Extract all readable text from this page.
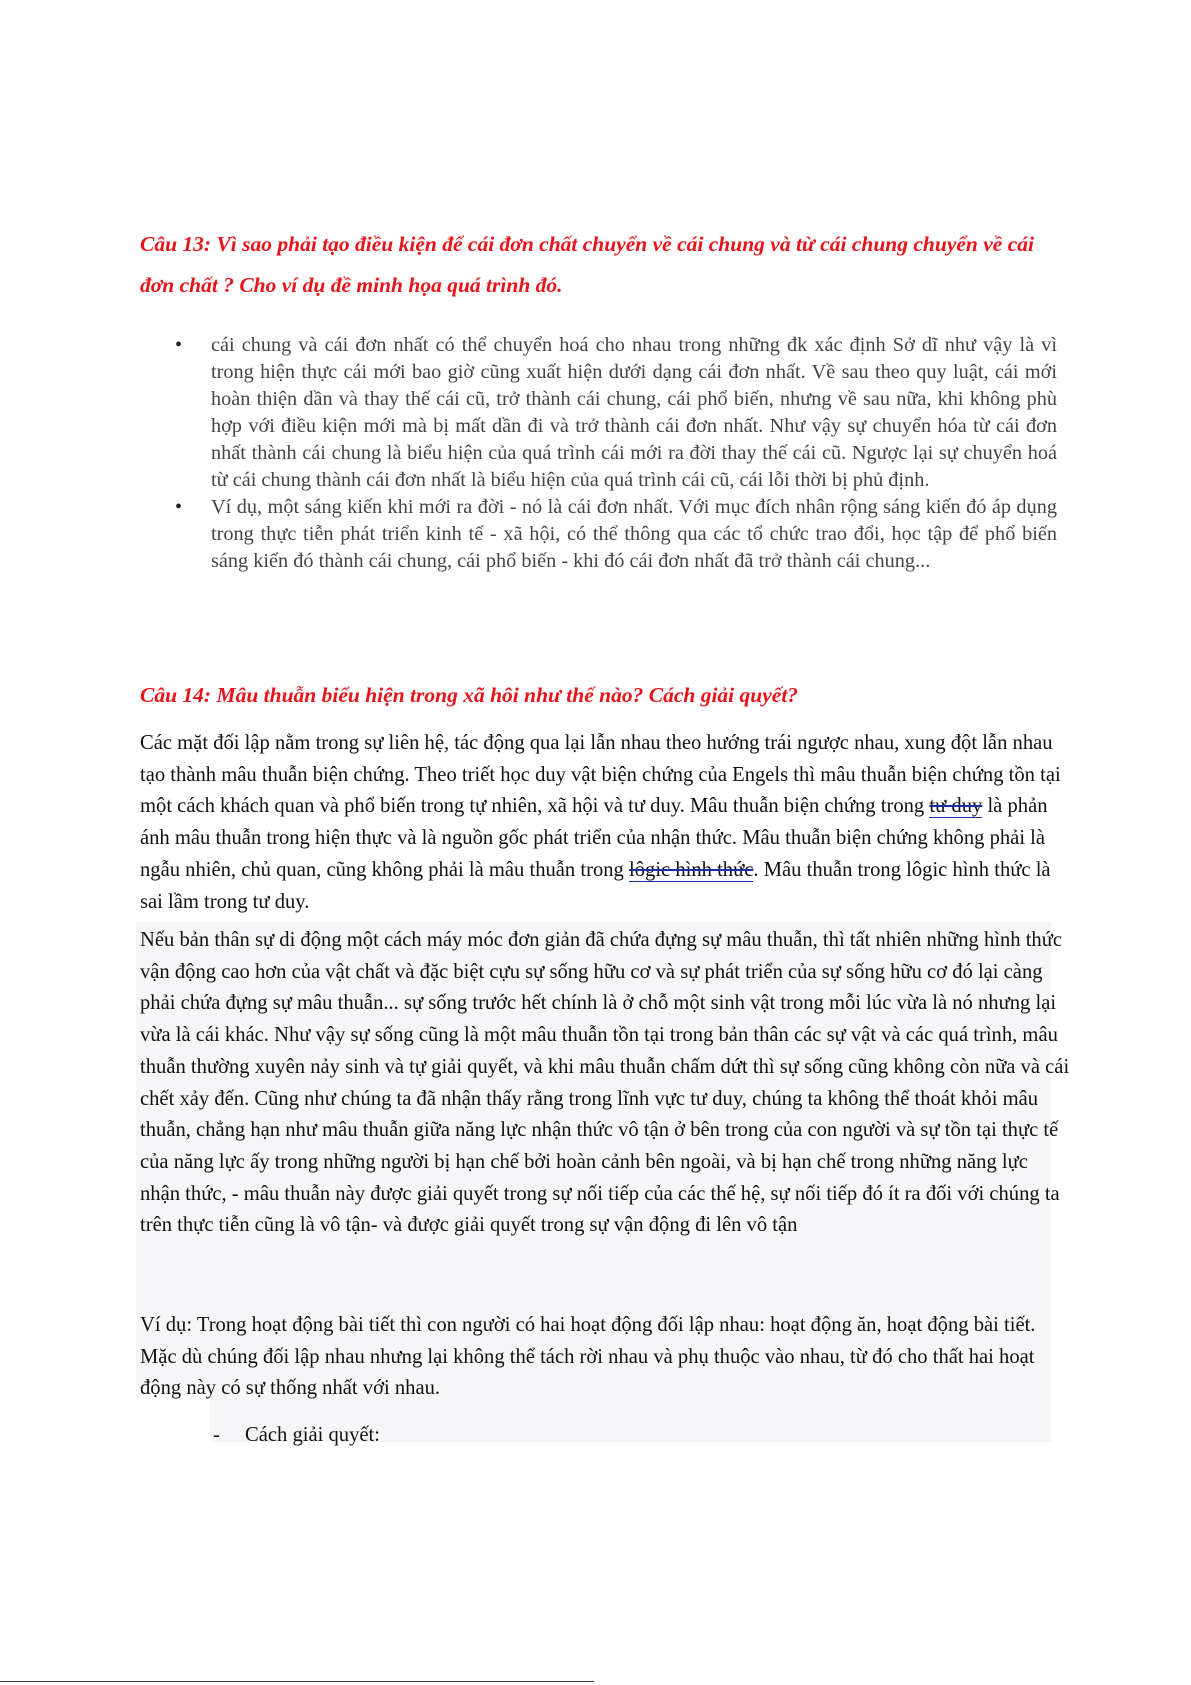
Câu 13: Vì sao phải tạo điều kiện để cái đơn chất chuyển về cái chung và từ cái chung chuyển về cái đơn chất ? Cho ví dụ đề minh họa quá trình đó.

• cái chung và cái đơn nhất có thể chuyển hoá cho nhau trong những đk xác định Sở dĩ như vậy là vì trong hiện thực cái mới bao giờ cũng xuất hiện dưới dạng cái đơn nhất. Về sau theo quy luật, cái mới hoàn thiện dần và thay thế cái cũ, trở thành cái chung, cái phổ biến, nhưng về sau nữa, khi không phù hợp với điều kiện mới mà bị mất dần đi và trở thành cái đơn nhất. Như vậy sự chuyển hóa từ cái đơn nhất thành cái chung là biểu hiện của quá trình cái mới ra đời thay thế cái cũ. Ngược lại sự chuyển hoá từ cái chung thành cái đơn nhất là biểu hiện của quá trình cái cũ, cái lỗi thời bị phủ định.
• Ví dụ, một sáng kiến khi mới ra đời - nó là cái đơn nhất. Với mục đích nhân rộng sáng kiến đó áp dụng trong thực tiễn phát triển kinh tế - xã hội, có thể thông qua các tổ chức trao đổi, học tập để phổ biến sáng kiến đó thành cái chung, cái phổ biến - khi đó cái đơn nhất đã trở thành cái chung...

Câu 14: Mâu thuẫn biểu hiện trong xã hôi như thế nào? Cách giải quyết?

Các mặt đối lập nằm trong sự liên hệ, tác động qua lại lẫn nhau theo hướng trái ngược nhau, xung đột lẫn nhau tạo thành mâu thuẫn biện chứng. Theo triết học duy vật biện chứng của Engels thì mâu thuẫn biện chứng tồn tại một cách khách quan và phổ biến trong tự nhiên, xã hội và tư duy. Mâu thuẫn biện chứng trong tư duy là phản ánh mâu thuẫn trong hiện thực và là nguồn gốc phát triển của nhận thức. Mâu thuẫn biện chứng không phải là ngẫu nhiên, chủ quan, cũng không phải là mâu thuẫn trong lôgic hình thức. Mâu thuẫn trong lôgic hình thức là sai lầm trong tư duy.

Nếu bản thân sự di động một cách máy móc đơn giản đã chứa đựng sự mâu thuẫn, thì tất nhiên những hình thức vận động cao hơn của vật chất và đặc biệt cựu sự sống hữu cơ và sự phát triển của sự sống hữu cơ đó lại càng phải chứa đựng sự mâu thuẫn... sự sống trước hết chính là ở chỗ một sinh vật trong mỗi lúc vừa là nó nhưng lại vừa là cái khác. Như vậy sự sống cũng là một mâu thuẫn tồn tại trong bản thân các sự vật và các quá trình, mâu thuẫn thường xuyên nảy sinh và tự giải quyết, và khi mâu thuẫn chấm dứt thì sự sống cũng không còn nữa và cái chết xảy đến. Cũng như chúng ta đã nhận thấy rằng trong lĩnh vực tư duy, chúng ta không thể thoát khỏi mâu thuẫn, chẳng hạn như mâu thuẫn giữa năng lực nhận thức vô tận ở bên trong của con người và sự tồn tại thực tế của năng lực ấy trong những người bị hạn chế bởi hoàn cảnh bên ngoài, và bị hạn chế trong những năng lực nhận thức, - mâu thuẫn này được giải quyết trong sự nối tiếp của các thế hệ, sự nối tiếp đó ít ra đối với chúng ta trên thực tiễn cũng là vô tận- và được giải quyết trong sự vận động đi lên vô tận

Ví dụ: Trong hoạt động bài tiết thì con người có hai hoạt động đối lập nhau: hoạt động ăn, hoạt động bài tiết. Mặc dù chúng đối lập nhau nhưng lại không thể tách rời nhau và phụ thuộc vào nhau, từ đó cho thất hai hoạt động này có sự thống nhất với nhau.

- Cách giải quyết:
